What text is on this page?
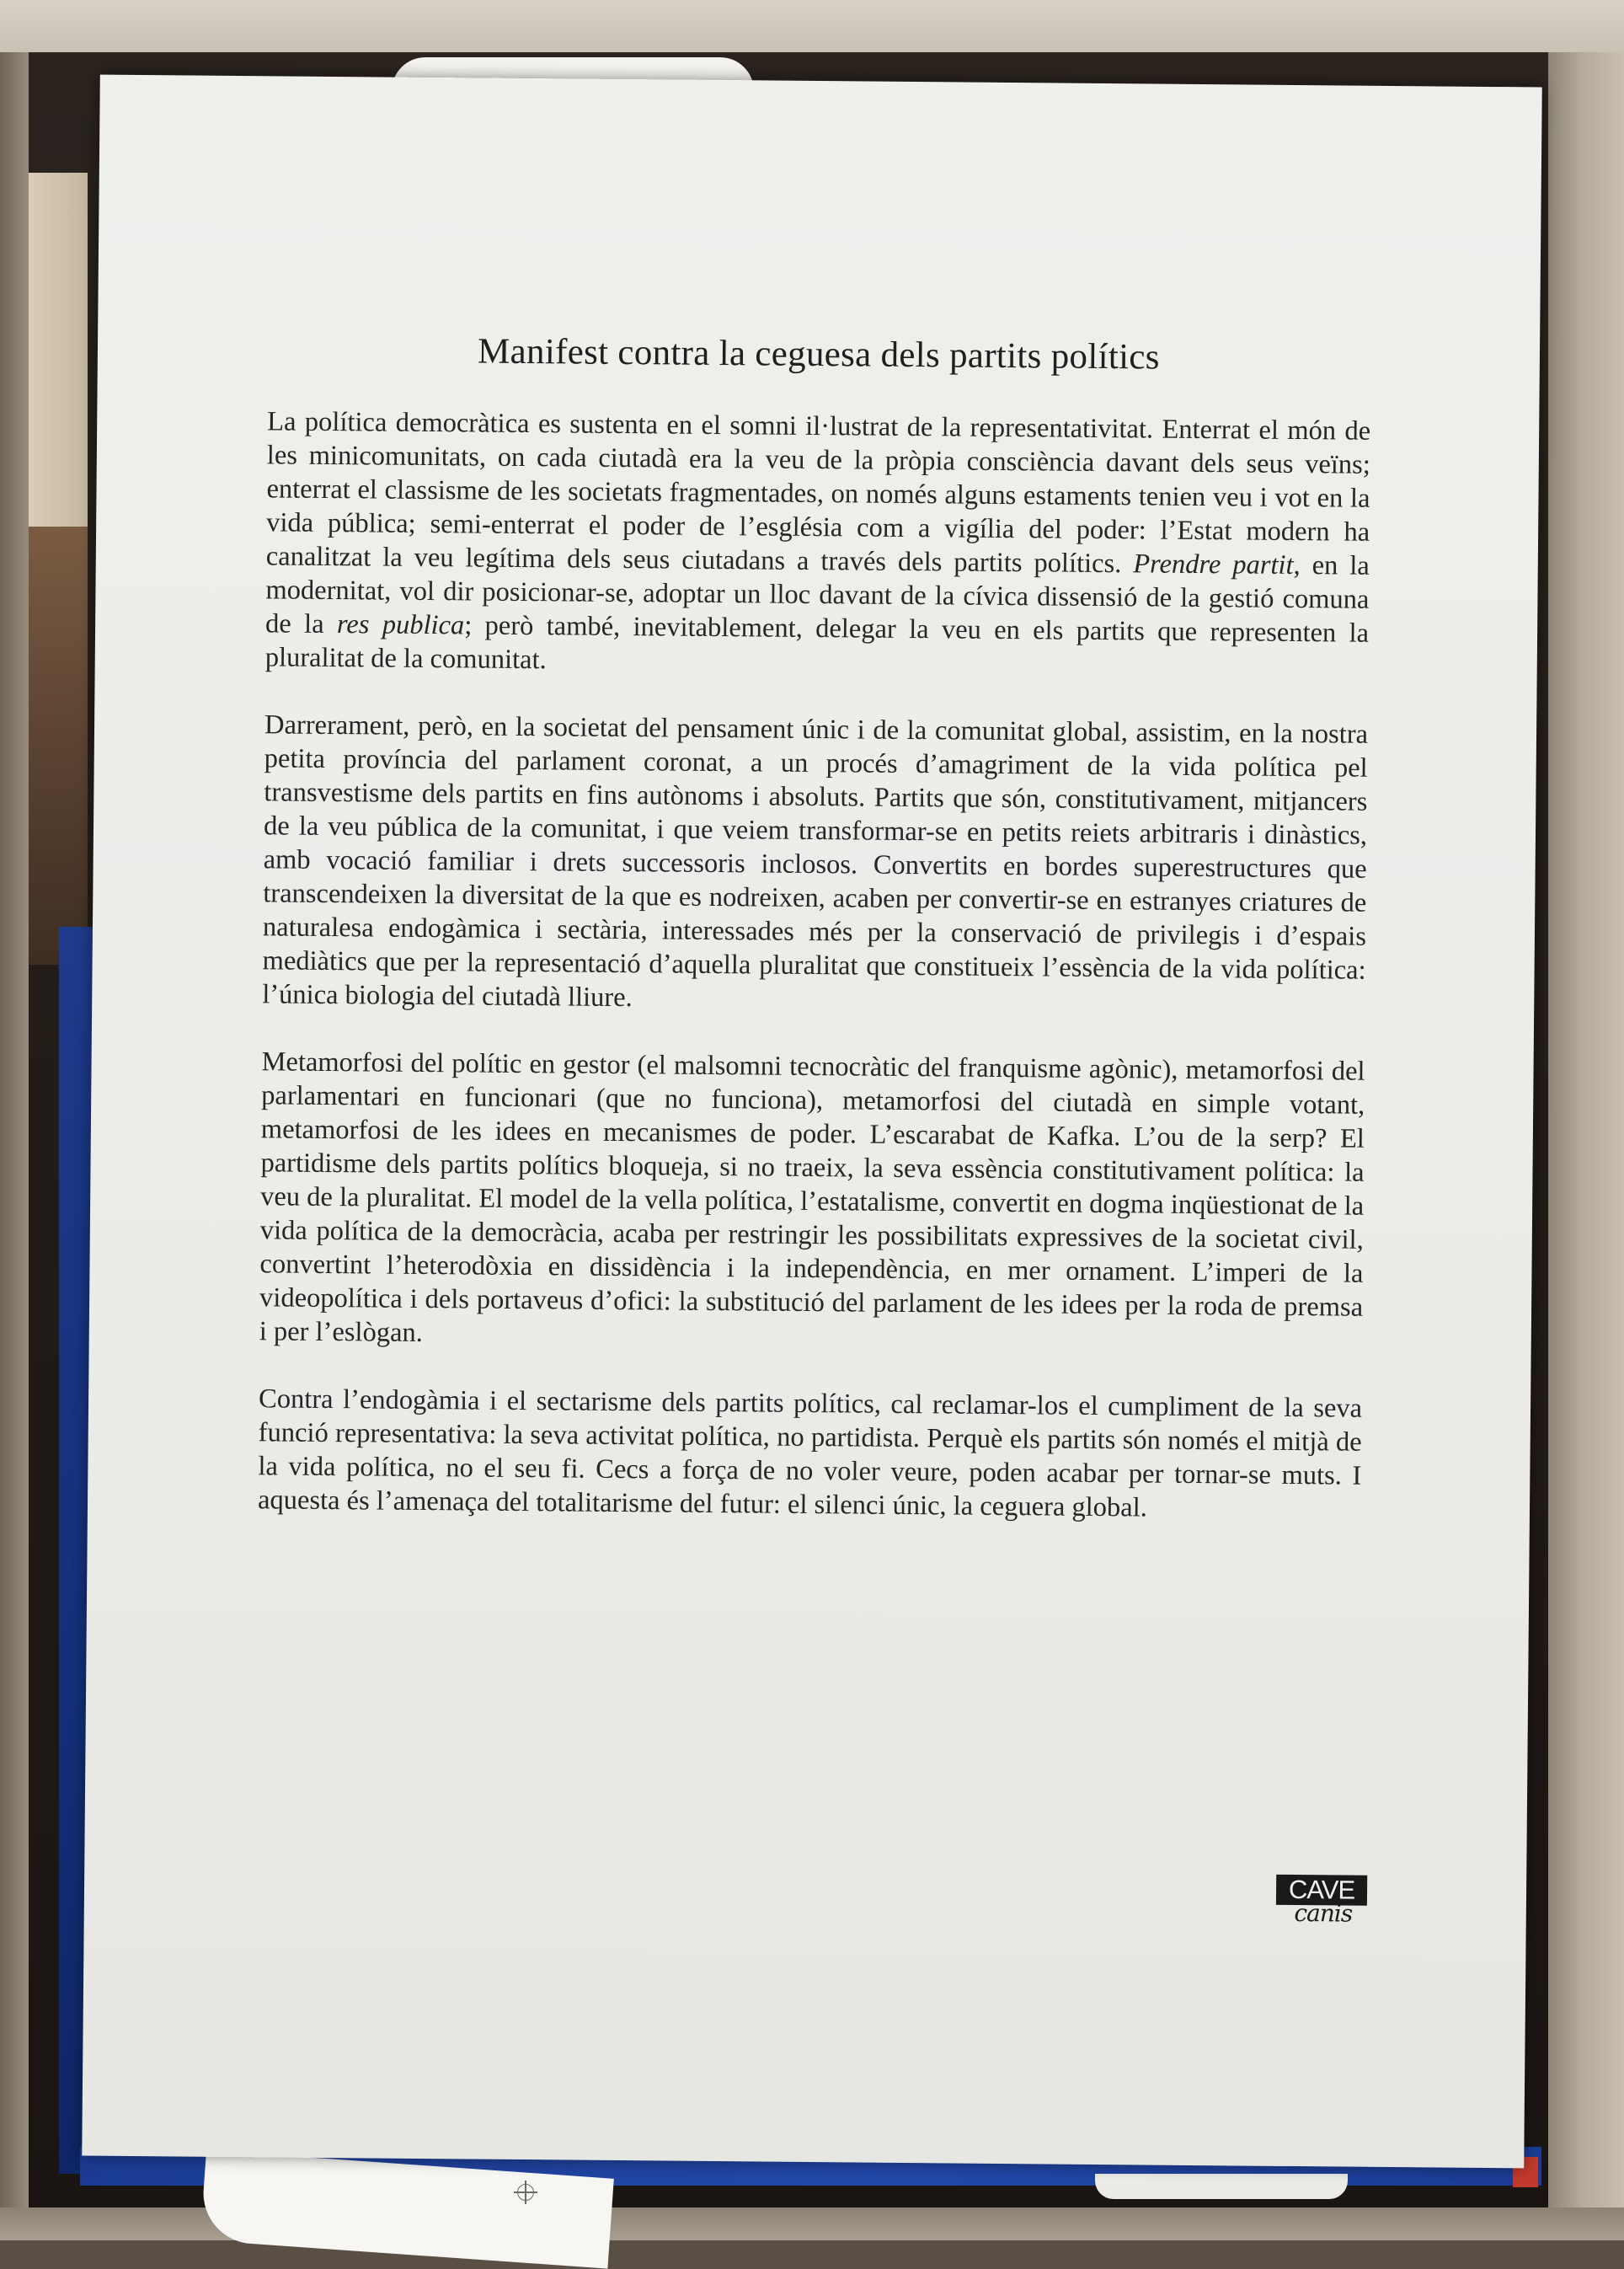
Manifest contra la ceguesa dels partits polítics

La política democràtica es sustenta en el somni il·lustrat de la representativitat. Enterrat el món de les minicomunitats, on cada ciutadà era la veu de la pròpia consciència davant dels seus veïns; enterrat el classisme de les societats fragmentades, on només alguns estaments tenien veu i vot en la vida pública; semi-enterrat el poder de l’església com a vigília del poder: l’Estat modern ha canalitzat la veu legítima dels seus ciutadans a través dels partits polítics. Prendre partit, en la modernitat, vol dir posicionar-se, adoptar un lloc davant de la cívica dissensió de la gestió comuna de la res publica; però també, inevitablement, delegar la veu en els partits que representen la pluralitat de la comunitat.

Darrerament, però, en la societat del pensament únic i de la comunitat global, assistim, en la nostra petita província del parlament coronat, a un procés d’amagriment de la vida política pel transvestisme dels partits en fins autònoms i absoluts. Partits que són, constitutivament, mitjancers de la veu pública de la comunitat, i que veiem transformar-se en petits reiets arbitraris i dinàstics, amb vocació familiar i drets successoris inclosos. Convertits en bordes superestructures que transcendeixen la diversitat de la que es nodreixen, acaben per convertir-se en estranyes criatures de naturalesa endogàmica i sectària, interessades més per la conservació de privilegis i d’espais mediàtics que per la representació d’aquella pluralitat que constitueix l’essència de la vida política: l’única biologia del ciutadà lliure.

Metamorfosi del polític en gestor (el malsomni tecnocràtic del franquisme agònic), metamorfosi del parlamentari en funcionari (que no funciona), metamorfosi del ciutadà en simple votant, metamorfosi de les idees en mecanismes de poder. L’escarabat de Kafka. L’ou de la serp? El partidisme dels partits polítics bloqueja, si no traeix, la seva essència constitutivament política: la veu de la pluralitat. El model de la vella política, l’estatalisme, convertit en dogma inqüestionat de la vida política de la democràcia, acaba per restringir les possibilitats expressives de la societat civil, convertint l’heterodòxia en dissidència i la independència, en mer ornament. L’imperi de la videopolítica i dels portaveus d’ofici: la substitució del parlament de les idees per la roda de premsa i per l’eslògan.

Contra l’endogàmia i el sectarisme dels partits polítics, cal reclamar-los el cumpliment de la seva funció representativa: la seva activitat política, no partidista. Perquè els partits són només el mitjà de la vida política, no el seu fi. Cecs a força de no voler veure, poden acabar per tornar-se muts. I aquesta és l’amenaça del totalitarisme del futur: el silenci únic, la ceguera global.

CAVE
canis
